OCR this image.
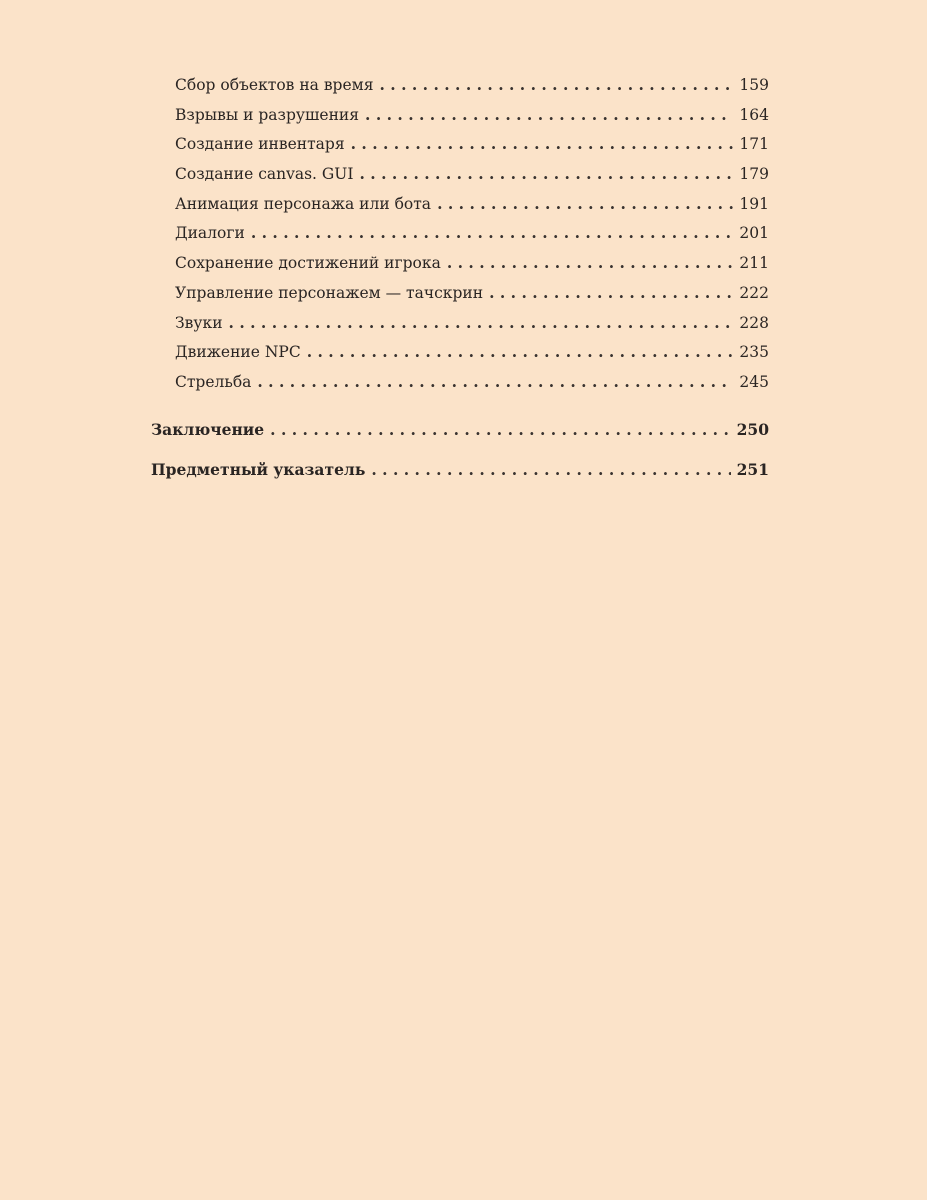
Сбор объектов на время . . .	159
Взрывы и разрушения . . .	164
Создание инвентаря . . .	171
Создание canvas. GUI . . .	179
Анимация персонажа или бота . . .	191
Диалоги . . .	201
Сохранение достижений игрока . . .	211
Управление персонажем — тачскрин . . .	222
Звуки . . .	228
Движение NPC . . .	235
Стрельба . . .	245
Заключение . . .	250
Предметный указатель . . .	251
